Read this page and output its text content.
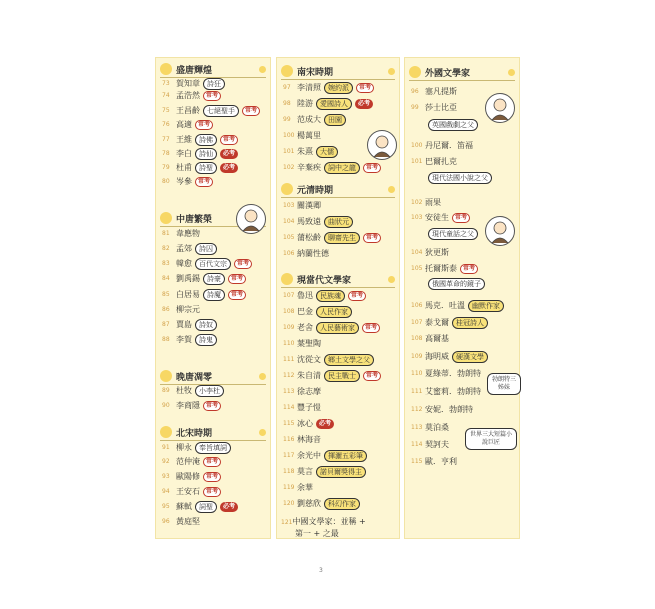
盛唐輝煌
73 賀知章	詩狂
74 孟浩然	常考
75 王昌齡	七絕聖手	常考
76 高適	常考
77 王維	詩佛	常考
78 李白	詩仙	必考
79 杜甫	詩聖	必考
80 岑參	常考
中唐繁榮
81 韋應物
82 孟郊	詩囚
83 韓愈	百代文宗	常考
84 劉禹錫	詩豪	常考
85 白居易	詩魔	常考
86 柳宗元
87 賈島	詩奴
88 李賀	詩鬼
晚唐凋零
89 杜牧	小李杜
90 李商隱	常考
北宋時期
91 柳永	奉旨填詞
92 范仲淹	常考
93 歐陽修	常考
94 王安石	常考
95 蘇軾	詞聖	必考
96 黃庭堅
南宋時期
97 李清照	婉約派	常考
98 陸游	愛國詩人	必考
99 范成大	田園
100 楊萬里
101 朱熹	大儒
102 辛棄疾	詞中之龍	常考
元清時期
103 關漢卿
104 馬致遠	曲狀元
105 蒲松齡	聊齋先生	常考
106 納蘭性德
現當代文學家
107 魯迅	民族魂	常考
108 巴金	人民作家
109 老舍	人民藝術家	常考
110 葉聖陶
111 沈從文	鄉土文學之父
112 朱自清	民主戰士	常考
113 徐志摩
114 豐子愷
115 冰心	必考
116 林海音
117 余光中	揮灑五彩筆
118 莫言	諾貝爾獎得主
119 余華
120 劉慈欣	科幻作家
121中國文學家：並稱 +
第一 + 之最
外國文學家
96 塞凡提斯
99 莎士比亞
英國戲劇之父
100 丹尼爾．笛福
101 巴爾扎克
現代法國小說之父
102 雨果
103 安徒生	常考
現代童話之父
104 狄更斯
105 托爾斯泰	常考
俄國革命的鏡子
106 馬克．吐溫	幽默作家
107 泰戈爾	桂冠詩人
108 高爾基
109 海明威	硬漢文學
110 夏綠蒂．勃朗特
111 艾蜜莉．勃朗特
112 安妮．勃朗特
113 莫泊桑
114 契訶夫
115 歐．亨利
勃朗特三姊妹
世界三大短篇小說巨匠
3
